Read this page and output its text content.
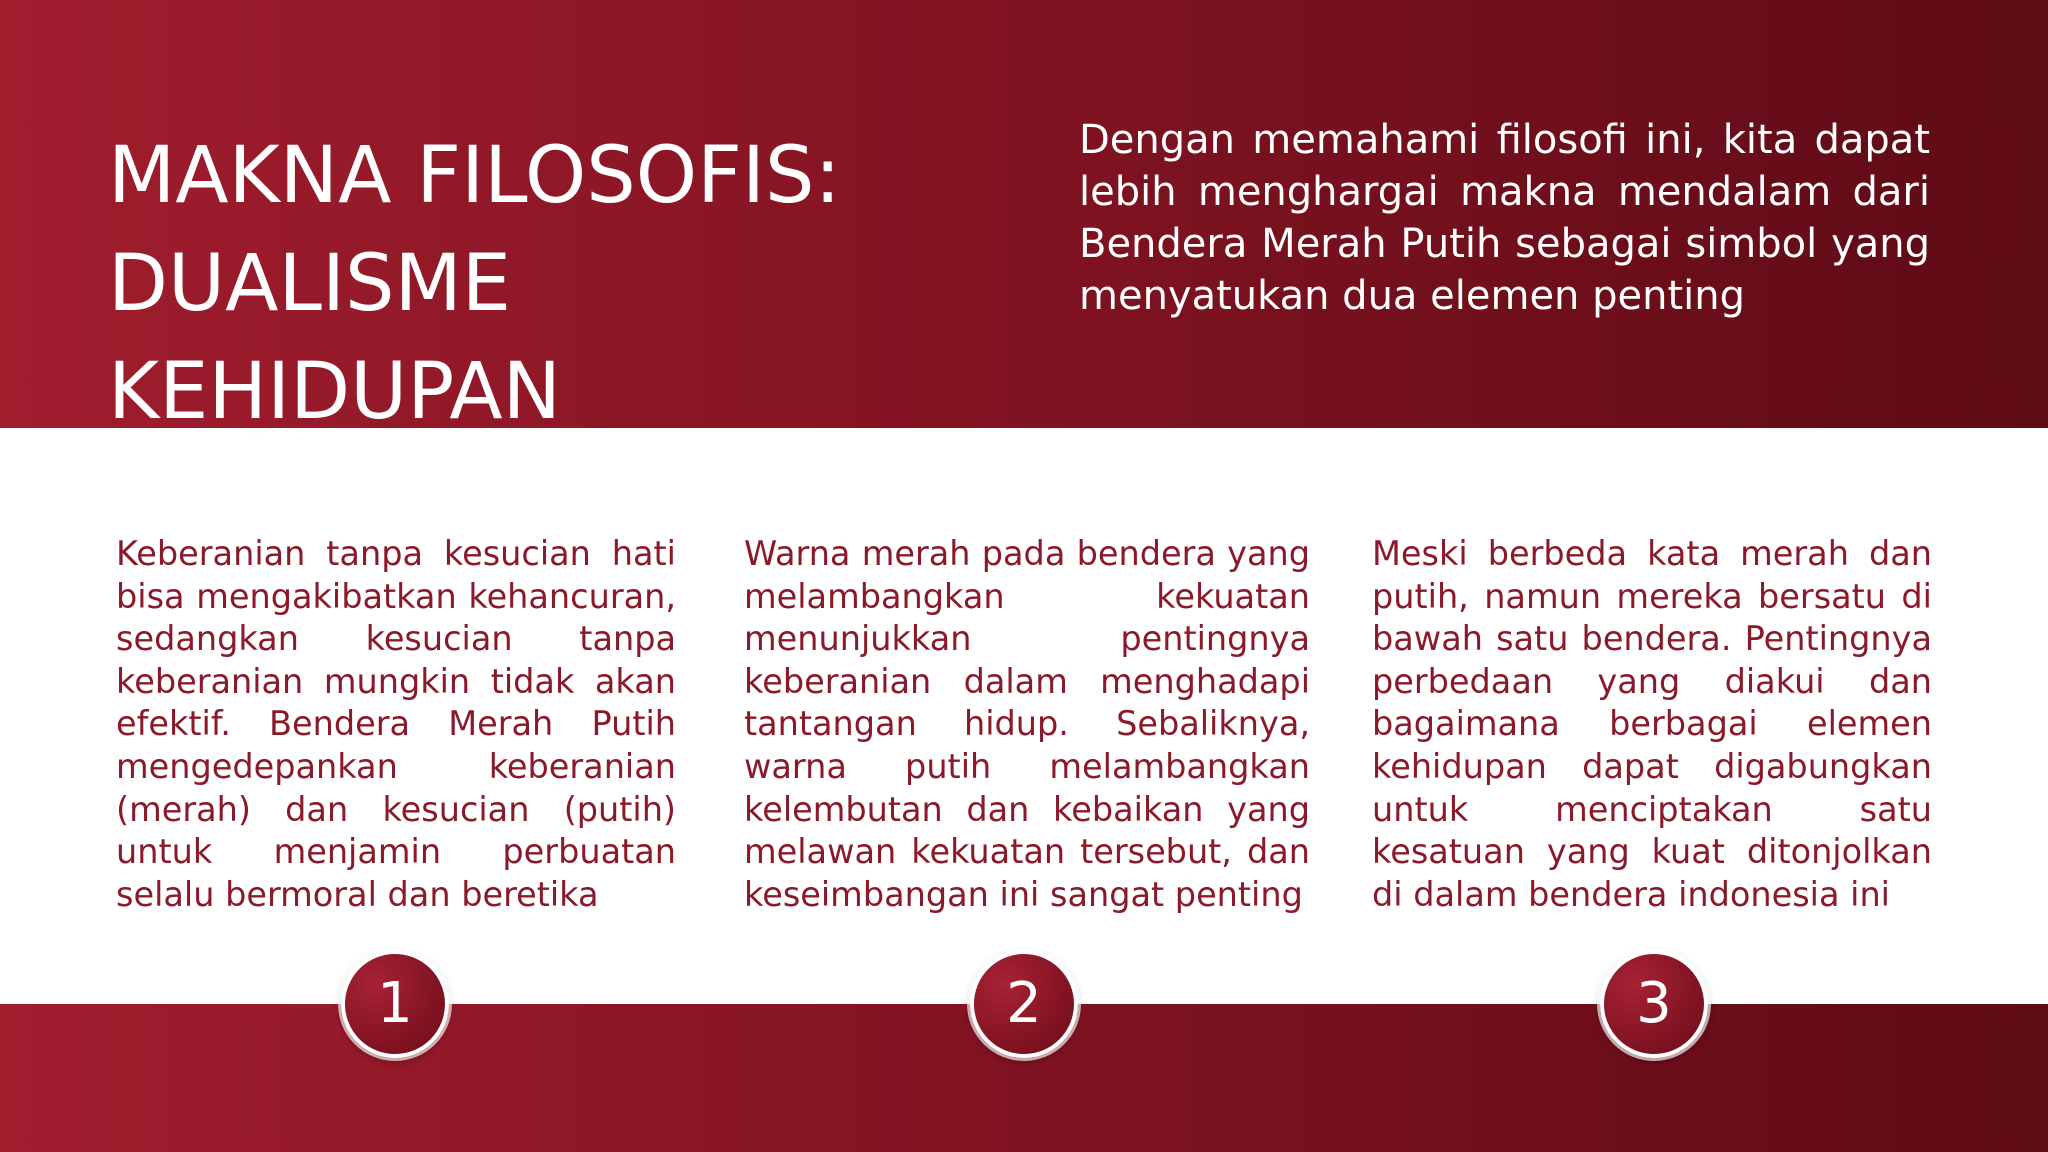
MAKNA FILOSOFIS:
DUALISME
KEHIDUPAN

Dengan memahami filosofi ini, kita dapat lebih menghargai makna mendalam dari Bendera Merah Putih sebagai simbol yang menyatukan dua elemen penting

Keberanian tanpa kesucian hati bisa mengakibatkan kehancuran, sedangkan kesucian tanpa keberanian mungkin tidak akan efektif. Bendera Merah Putih mengedepankan keberanian (merah) dan kesucian (putih) untuk menjamin perbuatan selalu bermoral dan beretika

Warna merah pada bendera yang melambangkan kekuatan menunjukkan pentingnya keberanian dalam menghadapi tantangan hidup. Sebaliknya, warna putih melambangkan kelembutan dan kebaikan yang melawan kekuatan tersebut, dan keseimbangan ini sangat penting

Meski berbeda kata merah dan putih, namun mereka bersatu di bawah satu bendera. Pentingnya perbedaan yang diakui dan bagaimana berbagai elemen kehidupan dapat digabungkan untuk menciptakan satu kesatuan yang kuat ditonjolkan di dalam bendera indonesia ini

1	2	3
